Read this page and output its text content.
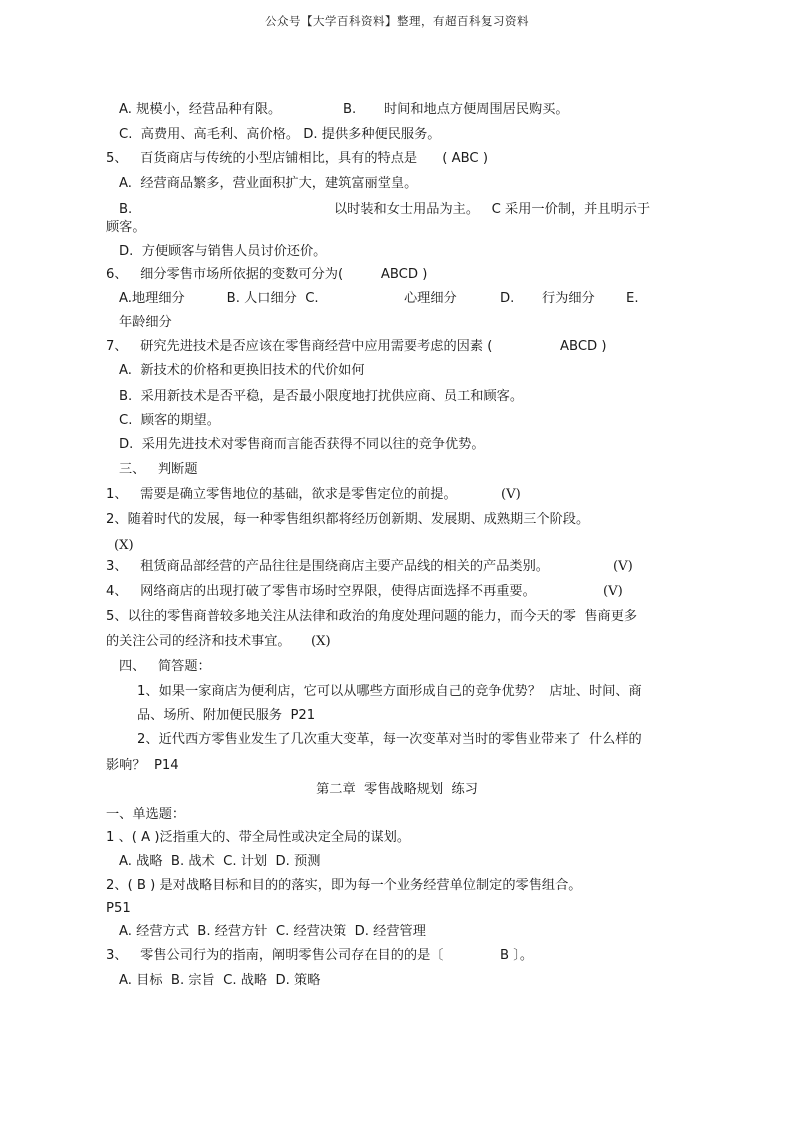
公众号【大学百科资料】整理，有超百科复习资料
A. 规模小，经营品种有限。	B. 时间和地点方便周围居民购买。
C.  高费用、高毛利、高价格。 D. 提供多种便民服务。
5、   百货商店与传统的小型店铺相比，具有的特点是      ( ABC )
A.  经营商品繁多，营业面积扩大，建筑富丽堂皇。
B.	以时装和女士用品为主。   C 采用一价制，并且明示于
顾客。
D.  方便顾客与销售人员讨价还价。
6、   细分零售市场所依据的变数可分为(         ABCD )
A.地理细分          B. 人口细分  C.	心理细分	D. 行为细分 E.
年龄细分
7、   研究先进技术是否应该在零售商经营中应用需要考虑的因素 (	ABCD )
A.  新技术的价格和更换旧技术的代价如何
B.  采用新技术是否平稳，是否最小限度地打扰供应商、员工和顾客。
C.  顾客的期望。
D.  采用先进技术对零售商而言能否获得不同以往的竞争优势。
三、   判断题
1、   需要是确立零售地位的基础，欲求是零售定位的前提。	(V)
2、随着时代的发展，每一种零售组织都将经历创新期、发展期、成熟期三个阶段。
(X)
3、   租赁商品部经营的产品往往是围绕商店主要产品线的相关的产品类别。	(V)
4、   网络商店的出现打破了零售市场时空界限，使得店面选择不再重要。	(V)
5、以往的零售商普较多地关注从法律和政治的角度处理问题的能力，而今天的零  售商更多
的关注公司的经济和技术事宜。 (X)
四、   简答题：
1、如果一家商店为便利店，它可以从哪些方面形成自己的竞争优势？  店址、时间、商
品、场所、附加便民服务  P21
2、近代西方零售业发生了几次重大变革，每一次变革对当时的零售业带来了  什么样的
影响？  P14
第二章  零售战略规划  练习
一、单选题：
1 、( A )泛指重大的、带全局性或决定全局的谋划。
A. 战略  B. 战术  C. 计划  D. 预测
2、( B ) 是对战略目标和目的的落实，即为每一个业务经营单位制定的零售组合。
P51
A. 经营方式  B. 经营方针  C. 经营决策  D. 经营管理
3、   零售公司行为的指南，阐明零售公司存在目的的是〔	B 〕。
A. 目标  B. 宗旨  C. 战略  D. 策略
